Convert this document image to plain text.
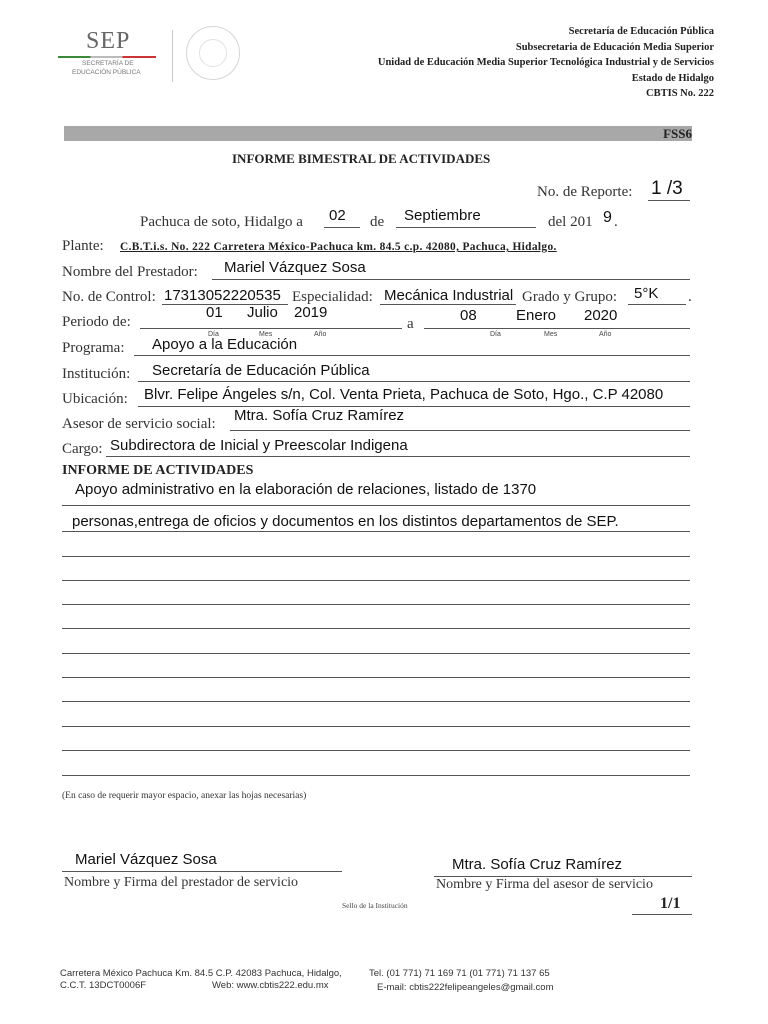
SEP
SECRETARÍA DE
EDUCACIÓN PÚBLICA
Secretaría de Educación Pública
Subsecretaria de Educación Media Superior
Unidad de Educación Media Superior Tecnológica Industrial y de Servicios
Estado de Hidalgo
CBTIS No. 222
FSS6
INFORME BIMESTRAL DE ACTIVIDADES
No. de Reporte: 1 /3
Pachuca de soto, Hidalgo a 02 de Septiembre	del 201 9 .
Plante: C.B.T.i.s. No. 222 Carretera México-Pachuca km. 84.5 c.p. 42080, Pachuca, Hidalgo.
Nombre del Prestador: Mariel Vázquez Sosa
No. de Control: 17313052220535 Especialidad: Mecánica Industrial Grado y Grupo: 5°K .
Periodo de:
01 Julio 2019
Día	Mes	Año
a	08	Enero 2020
Día	Mes	Año
Programa: Apoyo a la Educación
Institución: Secretaría de Educación Pública
Ubicación: Blvr. Felipe Ángeles s/n, Col. Venta Prieta, Pachuca de Soto, Hgo., C.P 42080
Asesor de servicio social: Mtra. Sofía Cruz Ramírez
Cargo: Subdirectora de Inicial y Preescolar Indigena
INFORME DE ACTIVIDADES
Apoyo administrativo en la elaboración de relaciones, listado de 1370
personas,entrega de oficios y documentos en los distintos departamentos de SEP.
(En caso de requerir mayor espacio, anexar las hojas necesarias)
Mariel Vázquez Sosa
Nombre y Firma del prestador de servicio
Mtra. Sofía Cruz Ramírez
Nombre y Firma del asesor de servicio
Sello de la Institución	1/1
Carretera México Pachuca Km. 84.5 C.P. 42083 Pachuca, Hidalgo,
C.C.T. 13DCT0006F	Web: www.cbtis222.edu.mx
Tel. (01 771) 71 169 71 (01 771) 71 137 65
E-mail: cbtis222felipeangeles@gmail.com
